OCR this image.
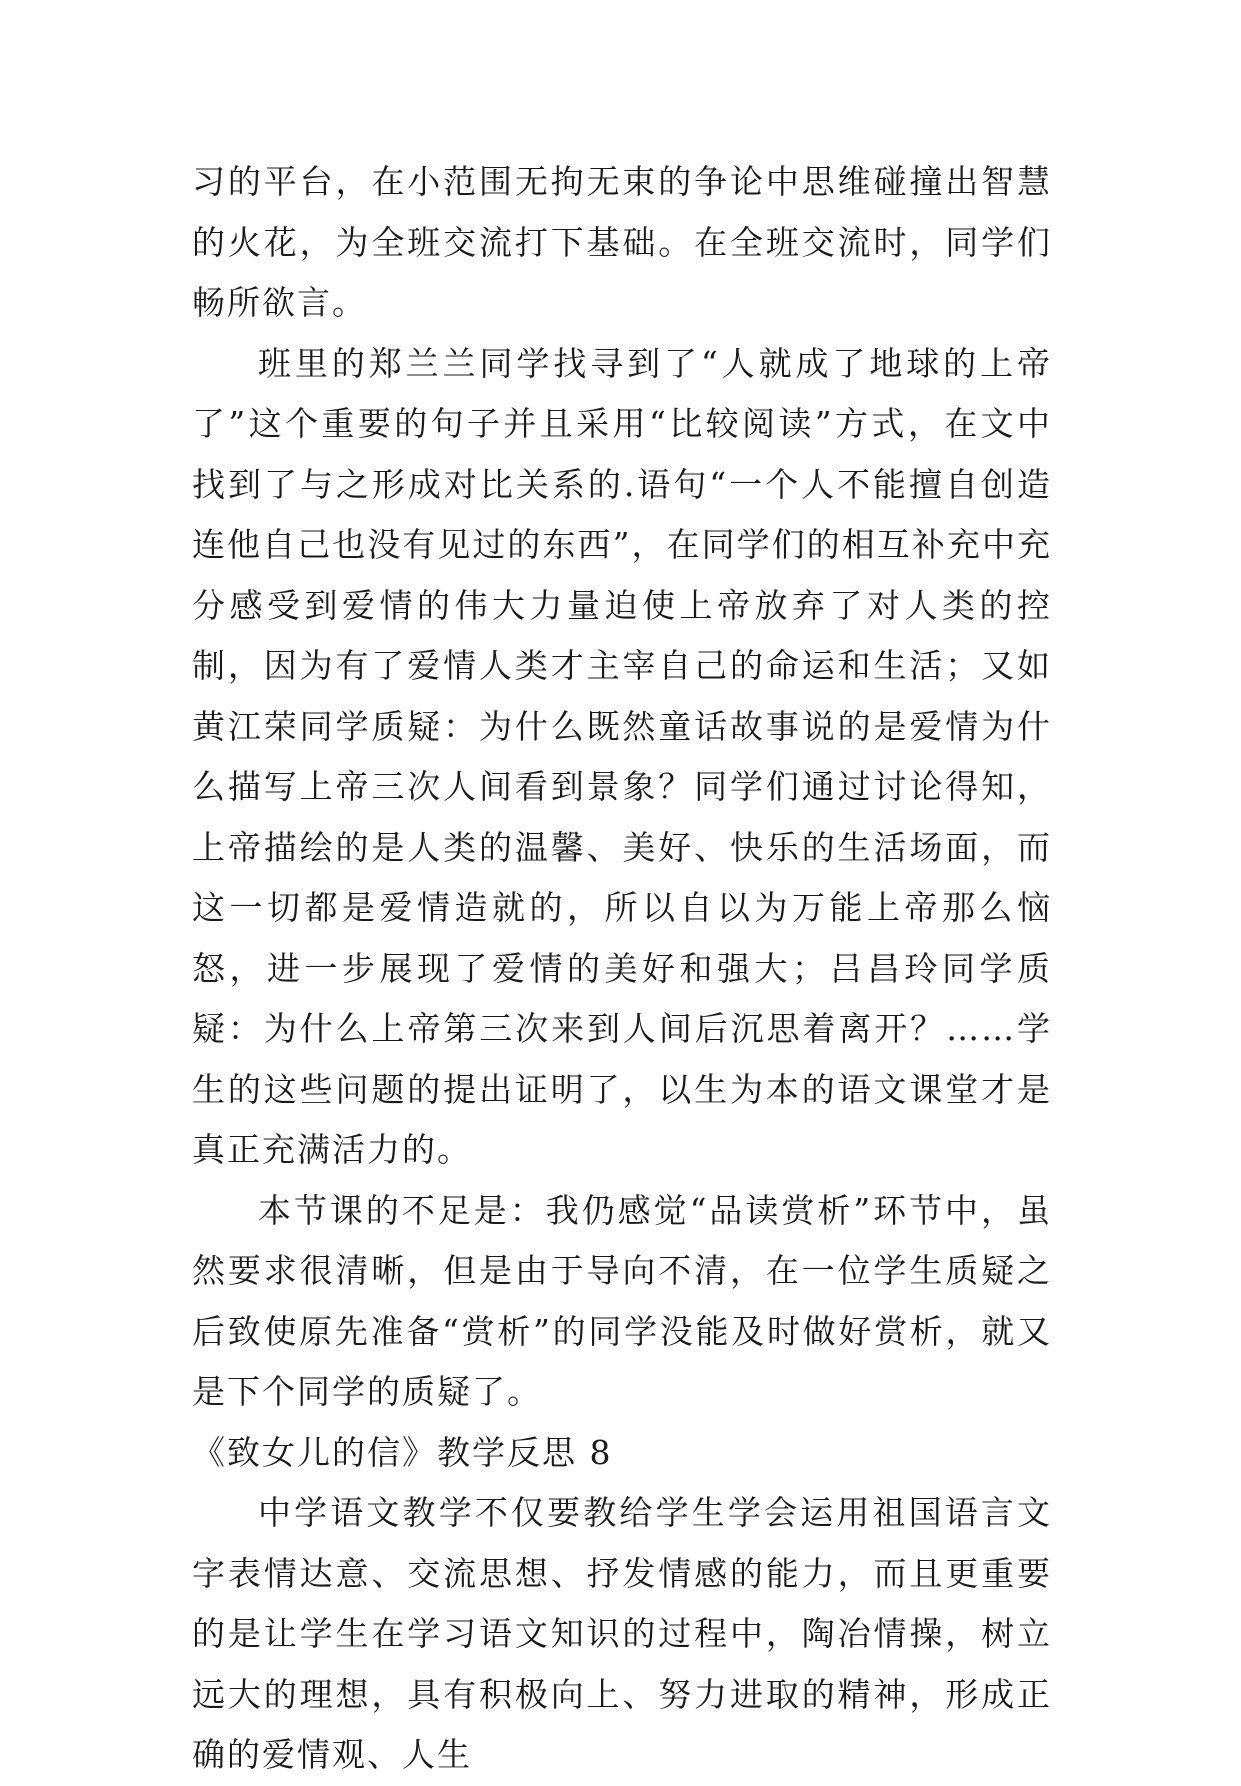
习的平台，在小范围无拘无束的争论中思维碰撞出智慧的火花，为全班交流打下基础。在全班交流时，同学们畅所欲言。

班里的郑兰兰同学找寻到了“人就成了地球的上帝了”这个重要的句子并且采用“比较阅读”方式，在文中找到了与之形成对比关系的.语句“一个人不能擅自创造连他自己也没有见过的东西”，在同学们的相互补充中充分感受到爱情的伟大力量迫使上帝放弃了对人类的控制，因为有了爱情人类才主宰自己的命运和生活；又如黄江荣同学质疑：为什么既然童话故事说的是爱情为什么描写上帝三次人间看到景象？同学们通过讨论得知，上帝描绘的是人类的温馨、美好、快乐的生活场面，而这一切都是爱情造就的，所以自以为万能上帝那么恼怒，进一步展现了爱情的美好和强大；吕昌玲同学质疑：为什么上帝第三次来到人间后沉思着离开？……学生的这些问题的提出证明了，以生为本的语文课堂才是真正充满活力的。

本节课的不足是：我仍感觉“品读赏析”环节中，虽然要求很清晰，但是由于导向不清，在一位学生质疑之后致使原先准备“赏析”的同学没能及时做好赏析，就又是下个同学的质疑了。

《致女儿的信》教学反思 8

中学语文教学不仅要教给学生学会运用祖国语言文字表情达意、交流思想、抒发情感的能力，而且更重要的是让学生在学习语文知识的过程中，陶冶情操，树立远大的理想，具有积极向上、努力进取的精神，形成正确的爱情观、人生
